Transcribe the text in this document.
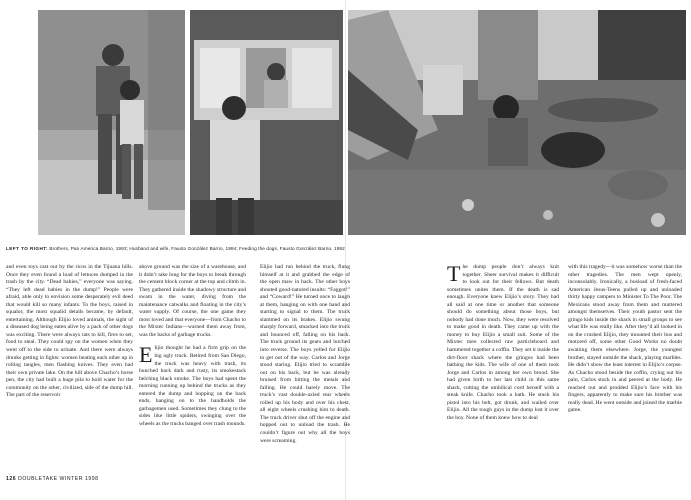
LEFT TO RIGHT: Brothers, Pan America Barrio, 1993; Husband and wife, Fausto González Barrio, 1994; Feeding the dogs, Fausto González Barrio, 1992

and even toys cast out by the ricos in the Tijuana hills. Once they even found a load of lettuces dumped in the trash by the city. “Dead babies,” everyone was saying. “They left dead babies in the dump!” People were afraid, able only to envision some desperately evil deed that would kill so many infants. To the boys, raised in squalor, the most squalid details became, by default, entertaining. Although Elijio loved animals, the sight of a diseased dog being eaten alive by a pack of other dogs was exciting. There were always rats to kill, fires to set, food to steal. They could spy on the women when they went off to the side to urinate. And there were always drunks getting in fights: women beating each other up in rolling tangles, men flashing knives. They even had their own private lake. On the hill above Chacho’s horse pen, the city had built a huge pila to hold water for the community on the other, civilized, side of the dump hill. The part of the reservoir

above ground was the size of a warehouse, and it didn’t take long for the boys to break through the cement block corner at the top and climb in. They gathered inside the shadowy structure and swam in the water, diving from the maintenance catwalks and floating in the city’s water supply. Of course, the one game they most loved and that everyone—from Chacho to the Mixtec Indians—warned them away from, was the backs of garbage trucks.

E lijio thought he had a firm grip on the big ugly truck. Retired from San Diego, the truck was heavy with trash, its hunched back dark and rusty, its smokestack belching black smoke. The boys had spent the morning running up behind the trucks as they entered the dump and hopping on the back ends, hanging on to the handholds the garbagemen used. Sometimes they clung to the sides like little spiders, swinging over the wheels as the trucks banged over trash mounds.

Elijio had run behind the truck, flung himself at it and grabbed the edge of the open maw in back. The other boys shouted good-natured insults: “Faggot!” and “Coward!” He turned once to laugh at them, hanging on with one hand and starting to signal to them. The truck slammed on its brakes. Elijio swung sharply forward, smacked into the truck and bounced off, falling on his back. The truck ground its gears and lurched into reverse. The boys yelled for Elijio to get out of the way. Carlos and Jorge stood staring. Elijio tried to scramble out on his back, but he was already bruised from hitting the metals and falling. He could barely move. The truck’s vast double-axled rear wheels rolled up his body and over his chest, all eight wheels crushing him to death. The truck driver shut off the engine and hopped out to unload the trash. He couldn’t figure out why all the boys were screaming.

T he dump people don’t always knit together. Sheer survival makes it difficult to look out for their fellows. But death sometimes unites them. If the death is sad enough. Everyone knew Elijio’s story. They had all said at one time or another that someone should do something about those boys, but nobody had done much. Now, they were resolved to make good in death. They came up with the money to buy Elijio a small suit. Some of the Mixtec men collected raw particleboard and hammered together a coffin. They set it inside the dirt-floor shack where the gringos had been bathing the kids. The wife of one of them took Jorge and Carlos in among her own brood. She had given birth to her last child in this same shack, cutting the umbilical cord herself with a steak knife. Chacho took a bath. He stuck his pistol into his belt, got drunk, and wailed over Elijio. All the tough guys in the dump lost it over the boy. None of them knew how to deal

with this tragedy—it was somehow worse than the other tragedies. The men wept openly, inconsolably. Ironically, a busload of fresh-faced American Jesus-Teens pulled up and unloaded thirty happy campers to Minister To The Poor. The Mexicans stood away from them and muttered amongst themselves. Their youth pastor sent the gringo kids inside the shack in small groups to see what life was really like. After they’d all looked in on the crushed Elijio, they mounted their bus and motored off, some other Good Works no doubt awaiting them elsewhere. Jorge, the youngest brother, stayed outside the shack, playing marbles. He didn’t show the least interest in Elijio’s corpse. As Chacho stood beside the coffin, crying out his pain, Carlos stuck in and peered at the body. He reached out and prodded Elijio’s face with his fingers, apparently to make sure his brother was really dead. He went outside and joined the marble game.

126 DOUBLETAKE WINTER 1998
